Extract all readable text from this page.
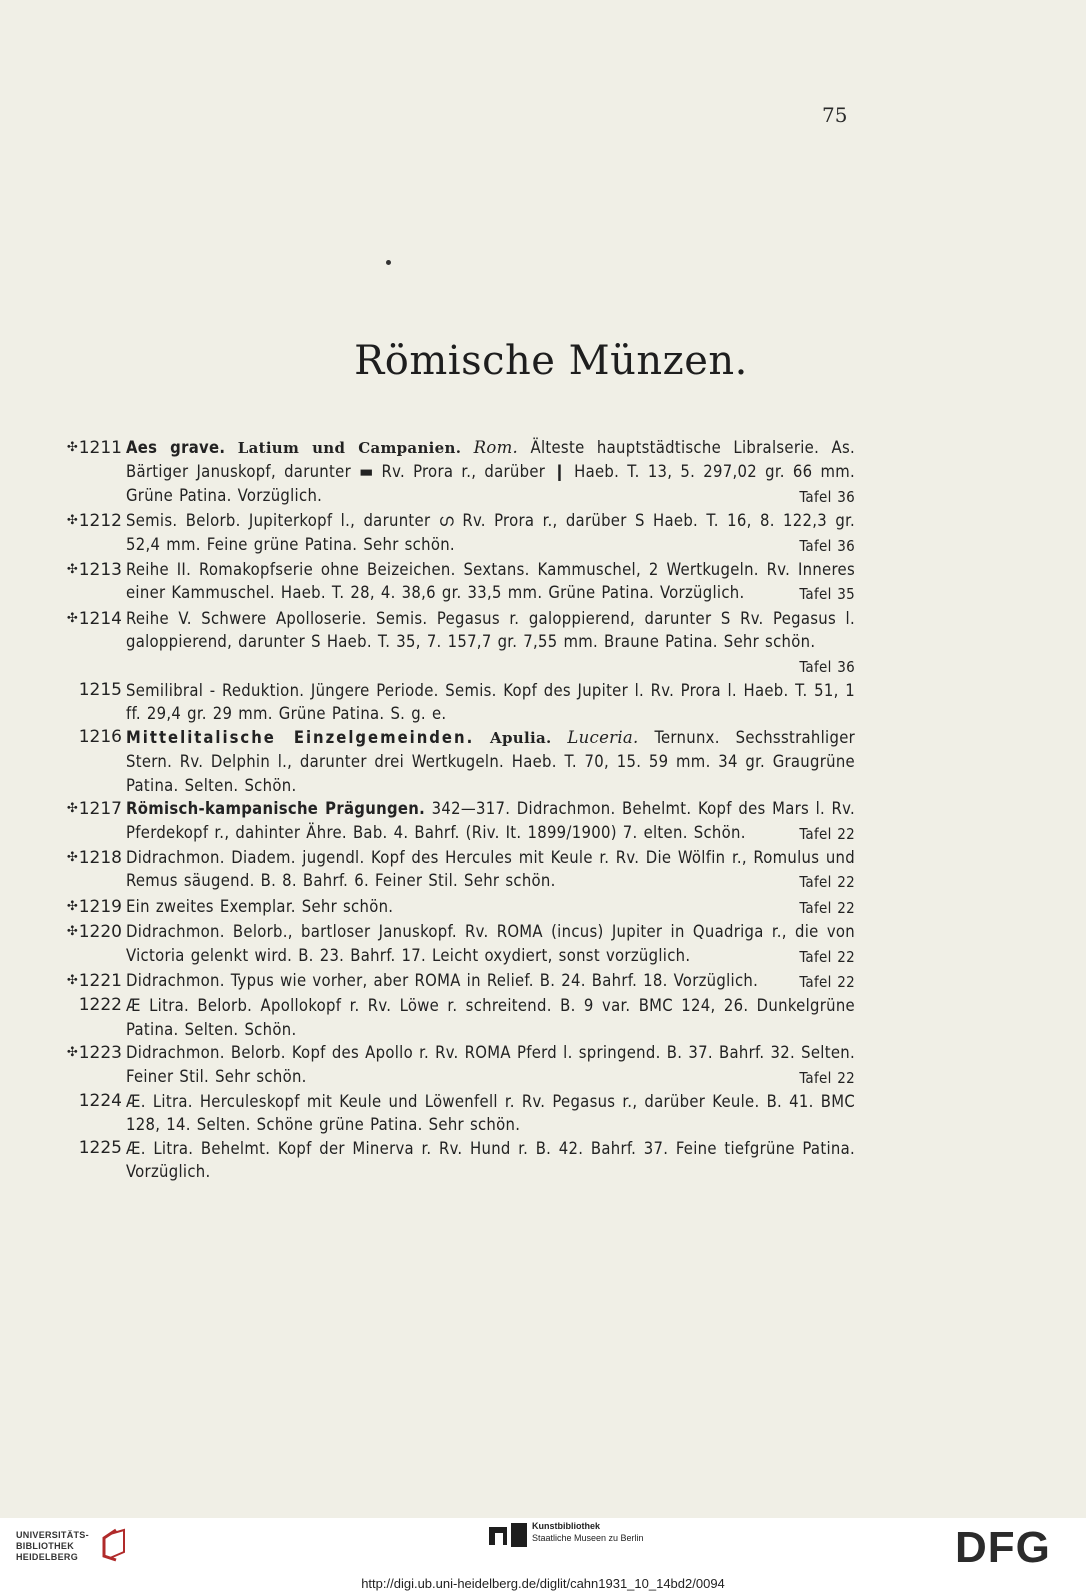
75
Römische Münzen.
✣1211 Aes grave. Latium und Campanien. Rom. Älteste hauptstädtische Libralserie. As. Bärtiger Januskopf, darunter ▬ Rv. Prora r., darüber ❙ Haeb. T. 13, 5. 297,02 gr. 66 mm. Grüne Patina. Vorzüglich.	Tafel 36
✣1212 Semis. Belorb. Jupiterkopf l., darunter ഗ Rv. Prora r., darüber S Haeb. T. 16, 8. 122,3 gr. 52,4 mm. Feine grüne Patina. Sehr schön.	Tafel 36
✣1213 Reihe II. Romakopfserie ohne Beizeichen. Sextans. Kammuschel, 2 Wertkugeln. Rv. Inneres einer Kammuschel. Haeb. T. 28, 4. 38,6 gr. 33,5 mm. Grüne Patina. Vorzüglich.	Tafel 35
✣1214 Reihe V. Schwere Apolloserie. Semis. Pegasus r. galoppierend, darunter S Rv. Pegasus l. galoppierend, darunter S Haeb. T. 35, 7. 157,7 gr. 7,55 mm. Braune Patina. Sehr schön.
Tafel 36
1215 Semilibral - Reduktion. Jüngere Periode. Semis. Kopf des Jupiter l. Rv. Prora l. Haeb. T. 51, 1 ff. 29,4 gr. 29 mm. Grüne Patina. S. g. e.
1216 Mittelitalische Einzelgemeinden. Apulia. Luceria. Ternunx. Sechsstrahliger Stern. Rv. Delphin l., darunter drei Wertkugeln. Haeb. T. 70, 15. 59 mm. 34 gr. Graugrüne Patina. Selten. Schön.
✣1217 Römisch-kampanische Prägungen. 342—317. Didrachmon. Behelmt. Kopf des Mars l. Rv. Pferdekopf r., dahinter Ähre. Bab. 4. Bahrf. (Riv. It. 1899/1900) 7. elten. Schön.	Tafel 22
✣1218 Didrachmon. Diadem. jugendl. Kopf des Hercules mit Keule r. Rv. Die Wölfin r., Romulus und Remus säugend. B. 8. Bahrf. 6. Feiner Stil. Sehr schön.	Tafel 22
✣1219 Ein zweites Exemplar. Sehr schön.	Tafel 22
✣1220 Didrachmon. Belorb., bartloser Januskopf. Rv. ROMA (incus) Jupiter in Quadriga r., die von Victoria gelenkt wird. B. 23. Bahrf. 17. Leicht oxydiert, sonst vorzüglich.	Tafel 22
✣1221 Didrachmon. Typus wie vorher, aber ROMA in Relief. B. 24. Bahrf. 18. Vorzüglich.	Tafel 22
1222 Æ Litra. Belorb. Apollokopf r. Rv. Löwe r. schreitend. B. 9 var. BMC 124, 26. Dunkelgrüne Patina. Selten. Schön.
✣1223 Didrachmon. Belorb. Kopf des Apollo r. Rv. ROMA Pferd l. springend. B. 37. Bahrf. 32. Selten. Feiner Stil. Sehr schön.	Tafel 22
1224 Æ. Litra. Herculeskopf mit Keule und Löwenfell r. Rv. Pegasus r., darüber Keule. B. 41. BMC 128, 14. Selten. Schöne grüne Patina. Sehr schön.
1225 Æ. Litra. Behelmt. Kopf der Minerva r. Rv. Hund r. B. 42. Bahrf. 37. Feine tiefgrüne Patina. Vorzüglich.
UNIVERSITÄTS-
BIBLIOTHEK
HEIDELBERG
Kunstbibliothek
Staatliche Museen zu Berlin	DFG
http://digi.ub.uni-heidelberg.de/diglit/cahn1931_10_14bd2/0094
